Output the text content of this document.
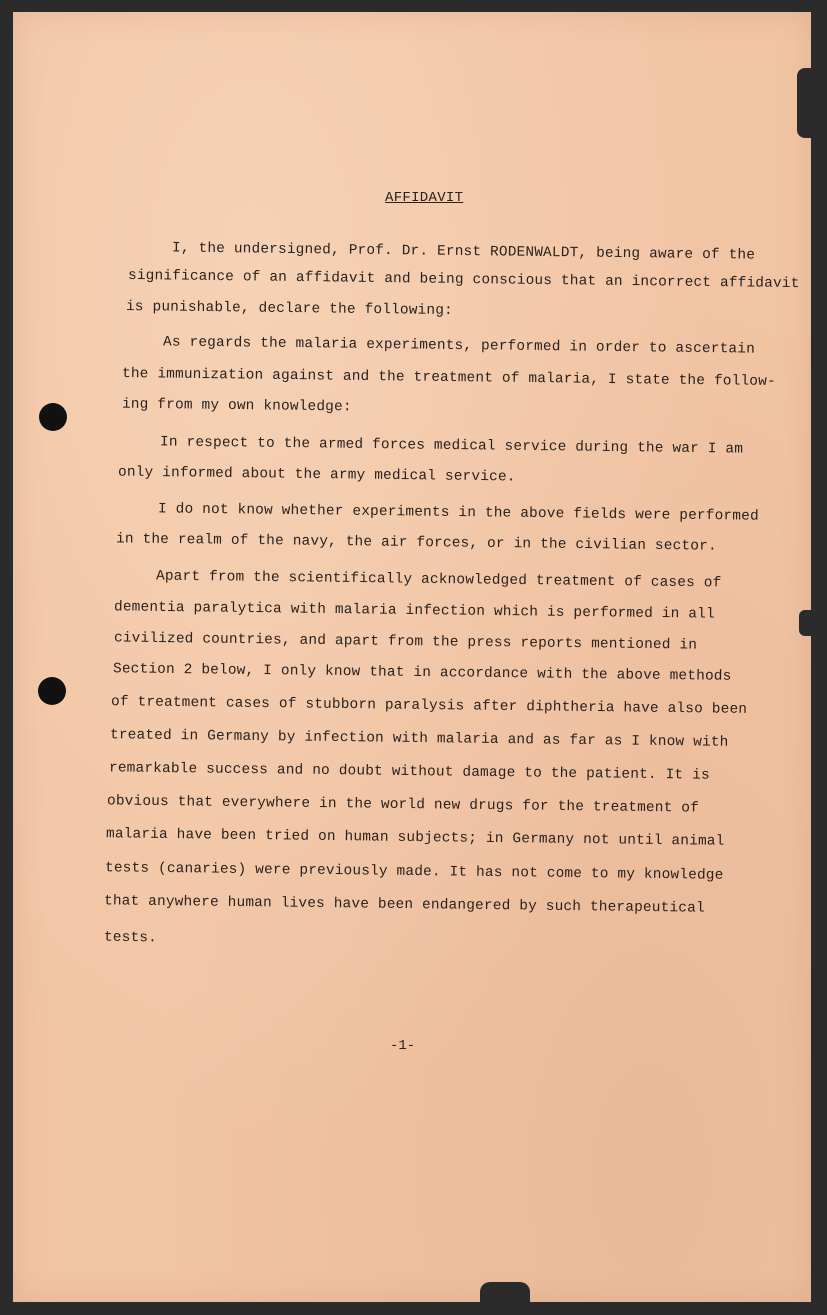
AFFIDAVIT
I, the undersigned, Prof. Dr. Ernst RODENWALDT, being aware of the
significance of an affidavit and being conscious that an incorrect affidavit
is punishable, declare the following:
As regards the malaria experiments, performed in order to ascertain
the immunization against and the treatment of malaria, I state the follow-
ing from my own knowledge:
In respect to the armed forces medical service during the war I am
only informed about the army medical service.
I do not know whether experiments in the above fields were performed
in the realm of the navy, the air forces, or in the civilian sector.
Apart from the scientifically acknowledged treatment of cases of
dementia paralytica with malaria infection which is performed in all
civilized countries, and apart from the press reports mentioned in
Section 2 below, I only know that in accordance with the above methods
of treatment cases of stubborn paralysis after diphtheria have also been
treated in Germany by infection with malaria and as far as I know with
remarkable success and no doubt without damage to the patient. It is
obvious that everywhere in the world new drugs for the treatment of
malaria have been tried on human subjects; in Germany not until animal
tests (canaries) were previously made. It has not come to my knowledge
that anywhere human lives have been endangered by such therapeutical
tests.
-1-
